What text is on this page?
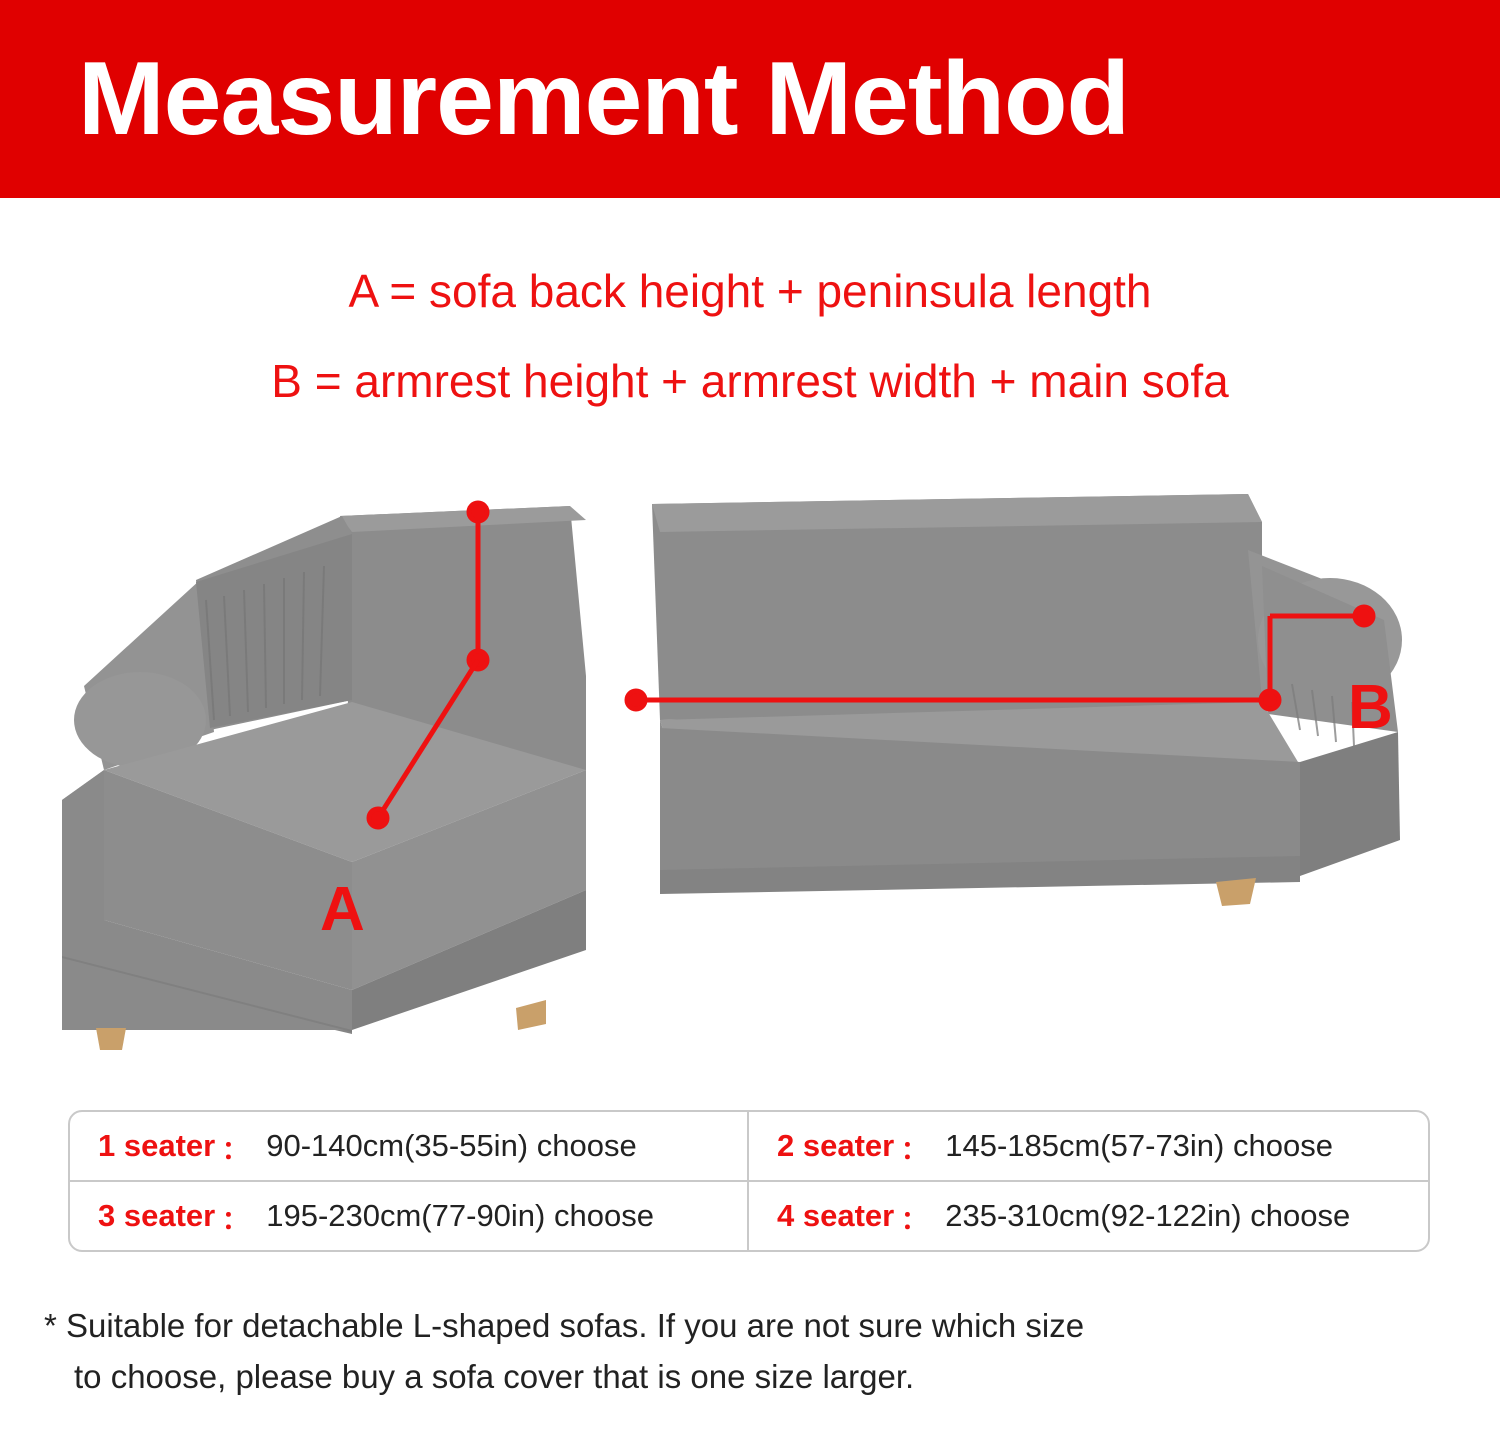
Measurement Method
A = sofa back height + peninsula length
B = armrest height + armrest width + main sofa
A
B
1 seater ： 90-140cm(35-55in) choose	2 seater ： 145-185cm(57-73in) choose
3 seater ： 195-230cm(77-90in) choose	4 seater ： 235-310cm(92-122in) choose
* Suitable for detachable L-shaped sofas. If you are not sure which size
to choose, please buy a sofa cover that is one size larger.
